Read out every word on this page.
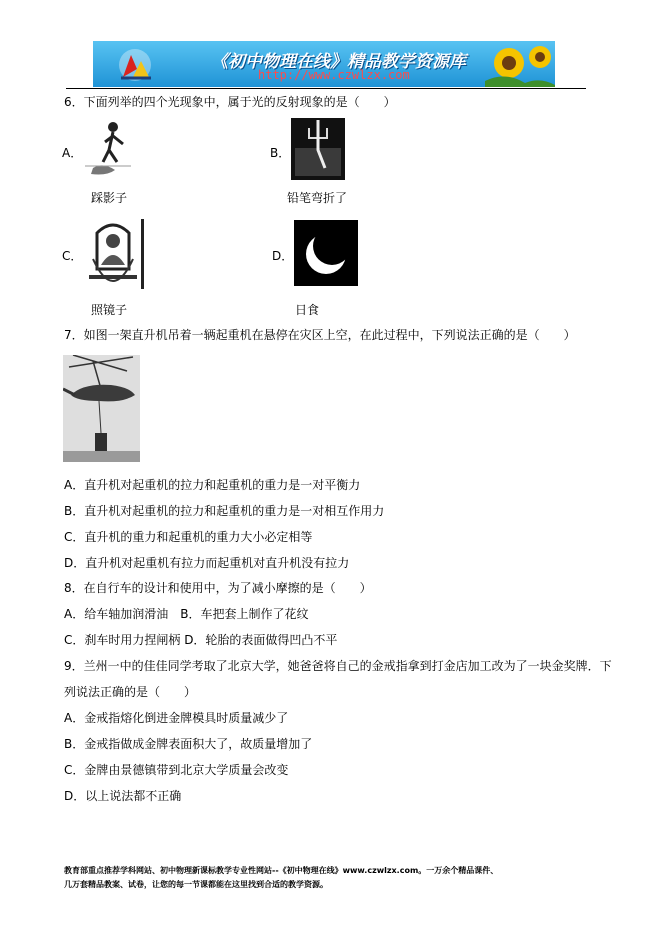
《初中物理在线》精品教学资源库
http://www.czwlzx.com
6．下面列举的四个光现象中，属于光的反射现象的是（　　）
A．
踩影子
B．
铅笔弯折了
C．
照镜子
D．
日食
7．如图一架直升机吊着一辆起重机在悬停在灾区上空，在此过程中，下列说法正确的是（　　）
A．直升机对起重机的拉力和起重机的重力是一对平衡力
B．直升机对起重机的拉力和起重机的重力是一对相互作用力
C．直升机的重力和起重机的重力大小必定相等
D．直升机对起重机有拉力而起重机对直升机没有拉力
8．在自行车的设计和使用中，为了减小摩擦的是（　　）
A．给车轴加润滑油　B．车把套上制作了花纹
C．刹车时用力捏闸柄 D．轮胎的表面做得凹凸不平
9．兰州一中的佳佳同学考取了北京大学，她爸爸将自己的金戒指拿到打金店加工改为了一块金奖牌．下
列说法正确的是（　　）
A．金戒指熔化倒进金牌模具时质量减少了
B．金戒指做成金牌表面积大了，故质量增加了
C．金牌由景德镇带到北京大学质量会改变
D．以上说法都不正确
教育部重点推荐学科网站、初中物理新课标教学专业性网站--《初中物理在线》www.czwlzx.com。一万余个精品课件、
几万套精品教案、试卷，让您的每一节课都能在这里找到合适的教学资源。
